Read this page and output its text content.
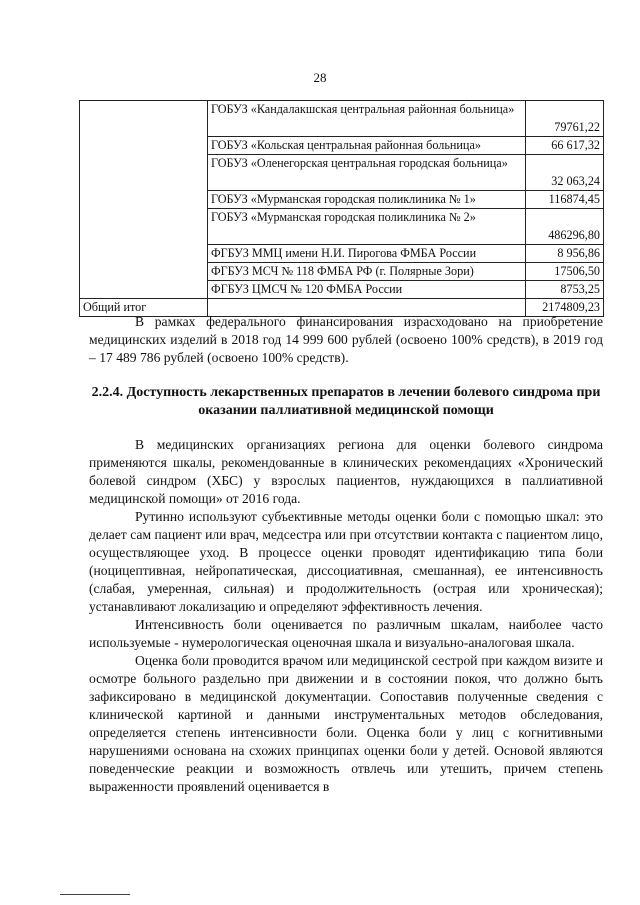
28
	ГОБУЗ «Кандалакшская центральная районная больница»	79761,22
	ГОБУЗ «Кольская центральная районная больница»	66 617,32
	ГОБУЗ «Оленегорская центральная городская больница»	32 063,24
	ГОБУЗ «Мурманская городская поликлиника № 1»	116874,45
	ГОБУЗ «Мурманская городская поликлиника № 2»	486296,80
	ФГБУЗ ММЦ имени Н.И. Пирогова ФМБА России	8 956,86
	ФГБУЗ МСЧ № 118 ФМБА РФ (г. Полярные Зори)	17506,50
	ФГБУЗ ЦМСЧ № 120 ФМБА России	8753,25
Общий итог		2174809,23

В рамках федерального финансирования израсходовано на приобретение медицинских изделий в 2018 год 14 999 600 рублей (освоено 100% средств), в 2019 год – 17 489 786 рублей (освоено 100% средств).

2.2.4. Доступность лекарственных препаратов в лечении болевого синдрома при оказании паллиативной медицинской помощи

В медицинских организациях региона для оценки болевого синдрома применяются шкалы, рекомендованные в клинических рекомендациях «Хронический болевой синдром (ХБС) у взрослых пациентов, нуждающихся в паллиативной медицинской помощи» от 2016 года.

Рутинно используют субъективные методы оценки боли с помощью шкал: это делает сам пациент или врач, медсестра или при отсутствии контакта с пациентом лицо, осуществляющее уход. В процессе оценки проводят идентификацию типа боли (ноцицептивная, нейропатическая, диссоциативная, смешанная), ее интенсивность (слабая, умеренная, сильная) и продолжительность (острая или хроническая); устанавливают локализацию и определяют эффективность лечения.

Интенсивность боли оценивается по различным шкалам, наиболее часто используемые - нумерологическая оценочная шкала и визуально-аналоговая шкала.

Оценка боли проводится врачом или медицинской сестрой при каждом визите и осмотре больного раздельно при движении и в состоянии покоя, что должно быть зафиксировано в медицинской документации. Сопоставив полученные сведения с клинической картиной и данными инструментальных методов обследования, определяется степень интенсивности боли. Оценка боли у лиц с когнитивными нарушениями основана на схожих принципах оценки боли у детей. Основой являются поведенческие реакции и возможность отвлечь или утешить, причем степень выраженности проявлений оценивается в
